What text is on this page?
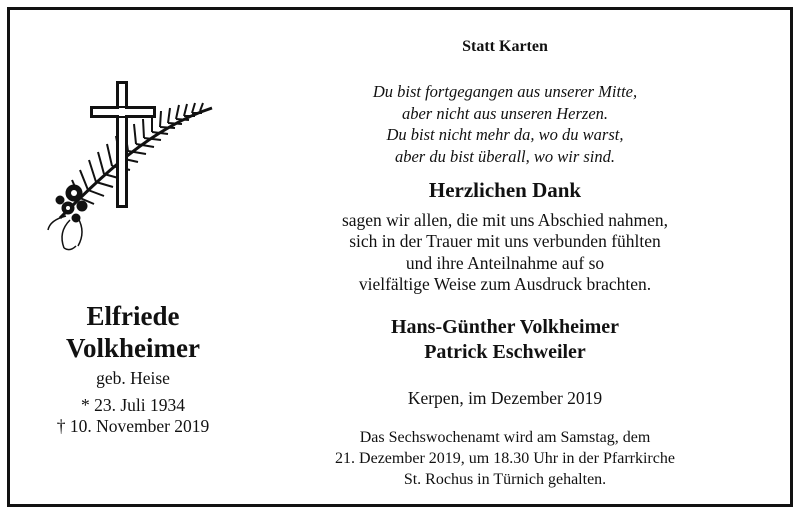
Elfriede
Volkheimer
geb. Heise
* 23. Juli 1934
† 10. November 2019
Statt Karten
Du bist fortgegangen aus unserer Mitte,
aber nicht aus unseren Herzen.
Du bist nicht mehr da, wo du warst,
aber du bist überall, wo wir sind.
Herzlichen Dank
sagen wir allen, die mit uns Abschied nahmen,
sich in der Trauer mit uns verbunden fühlten
und ihre Anteilnahme auf so
vielfältige Weise zum Ausdruck brachten.
Hans-Günther Volkheimer
Patrick Eschweiler
Kerpen, im Dezember 2019
Das Sechswochenamt wird am Samstag, dem
21. Dezember 2019, um 18.30 Uhr in der Pfarrkirche
St. Rochus in Türnich gehalten.
